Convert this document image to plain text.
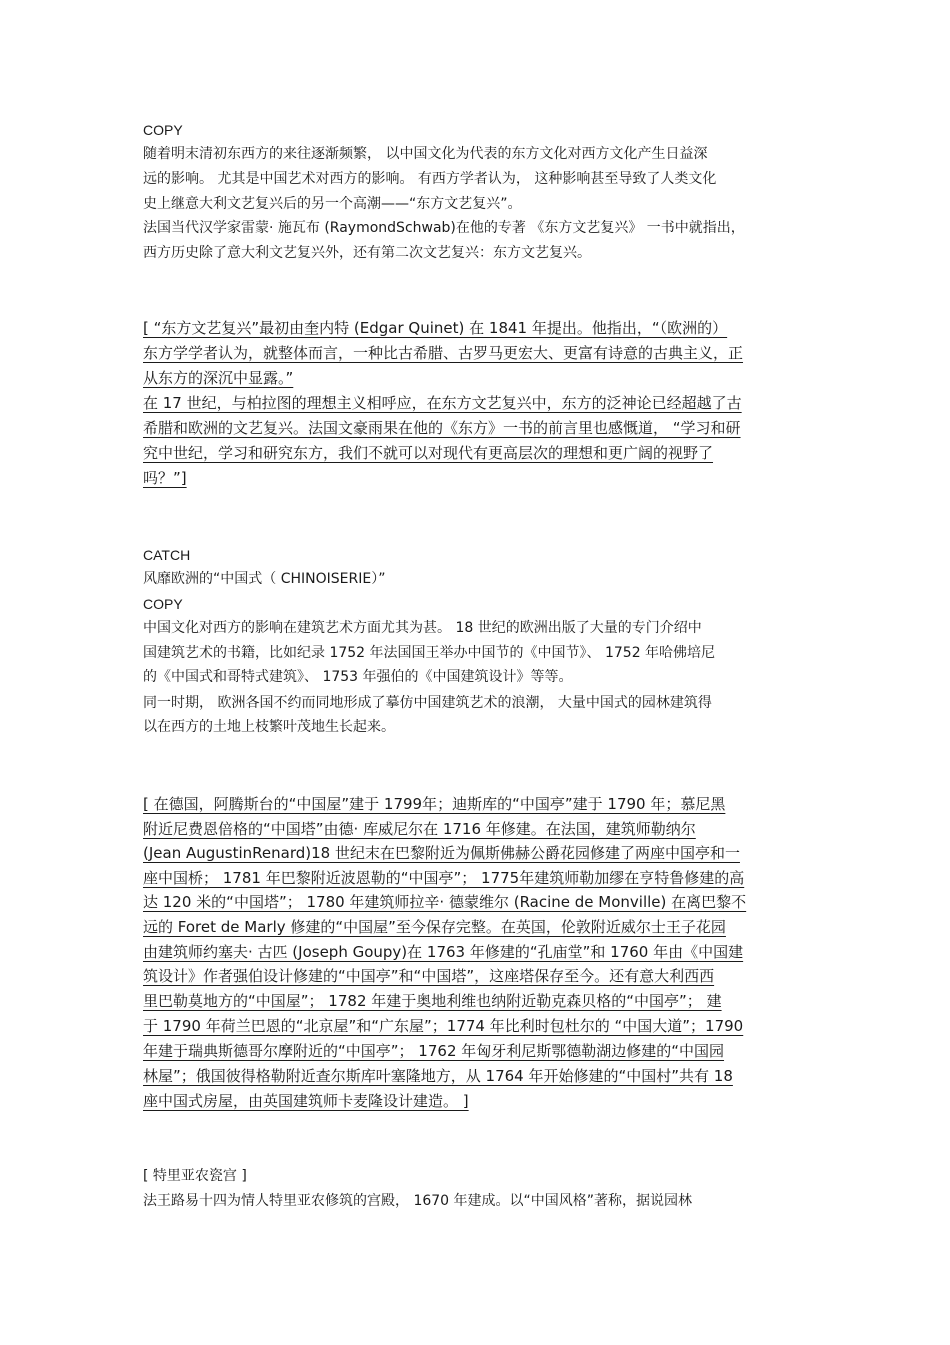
COPY
随着明末清初东西方的来往逐渐频繁， 以中国文化为代表的东方文化对西方文化产生日益深
远的影响。 尤其是中国艺术对西方的影响。 有西方学者认为， 这种影响甚至导致了人类文化
史上继意大利文艺复兴后的另一个高潮——“东方文艺复兴”。
法国当代汉学家雷蒙· 施瓦布 (RaymondSchwab)在他的专著 《东方文艺复兴》 一书中就指出，
西方历史除了意大利文艺复兴外，还有第二次文艺复兴：东方文艺复兴。
[ “东方文艺复兴”最初由奎内特 (Edgar Quinet) 在 1841 年提出。他指出，“（欧洲的）
东方学学者认为，就整体而言，一种比古希腊、古罗马更宏大、更富有诗意的古典主义，正
从东方的深沉中显露。”
在 17 世纪，与柏拉图的理想主义相呼应，在东方文艺复兴中，东方的泛神论已经超越了古
希腊和欧洲的文艺复兴。法国文豪雨果在他的《东方》一书的前言里也感慨道， “学习和研
究中世纪，学习和研究东方，我们不就可以对现代有更高层次的理想和更广阔的视野了
吗？”]
CATCH
风靡欧洲的“中国式（ CHINOISERIE）”
COPY
中国文化对西方的影响在建筑艺术方面尤其为甚。 18 世纪的欧洲出版了大量的专门介绍中
国建筑艺术的书籍，比如纪录 1752 年法国国王举办中国节的《中国节》、 1752 年哈佛培尼
的《中国式和哥特式建筑》、 1753 年强伯的《中国建筑设计》等等。
同一时期， 欧洲各国不约而同地形成了摹仿中国建筑艺术的浪潮， 大量中国式的园林建筑得
以在西方的土地上枝繁叶茂地生长起来。
[ 在德国，阿腾斯台的“中国屋”建于 1799年；迪斯库的“中国亭”建于 1790 年；慕尼黑
附近尼费恩倍格的“中国塔”由德· 库威尼尔在 1716 年修建。在法国，建筑师勒纳尔
(Jean AugustinRenard)18 世纪末在巴黎附近为佩斯佛赫公爵花园修建了两座中国亭和一
座中国桥； 1781 年巴黎附近波恩勒的“中国亭”； 1775年建筑师勒加缪在亨特鲁修建的高
达 120 米的“中国塔”； 1780 年建筑师拉辛· 德蒙维尔 (Racine de Monville) 在离巴黎不
远的 Foret de Marly 修建的“中国屋”至今保存完整。在英国，伦敦附近威尔士王子花园
由建筑师约塞夫· 古匹 (Joseph Goupy)在 1763 年修建的“孔庙堂”和 1760 年由《中国建
筑设计》作者强伯设计修建的“中国亭”和“中国塔”，这座塔保存至今。还有意大利西西
里巴勒莫地方的“中国屋”； 1782 年建于奥地利维也纳附近勒克森贝格的“中国亭”； 建
于 1790 年荷兰巴恩的“北京屋”和“广东屋”；1774 年比利时包杜尔的 “中国大道”；1790
年建于瑞典斯德哥尔摩附近的“中国亭”； 1762 年匈牙利尼斯鄂德勒湖边修建的“中国园
林屋”；俄国彼得格勒附近查尔斯库叶塞隆地方，从 1764 年开始修建的“中国村”共有 18
座中国式房屋，由英国建筑师卡麦隆设计建造。 ]
[ 特里亚农瓷宫 ]
法王路易十四为情人特里亚农修筑的宫殿， 1670 年建成。以“中国风格”著称，据说园林
